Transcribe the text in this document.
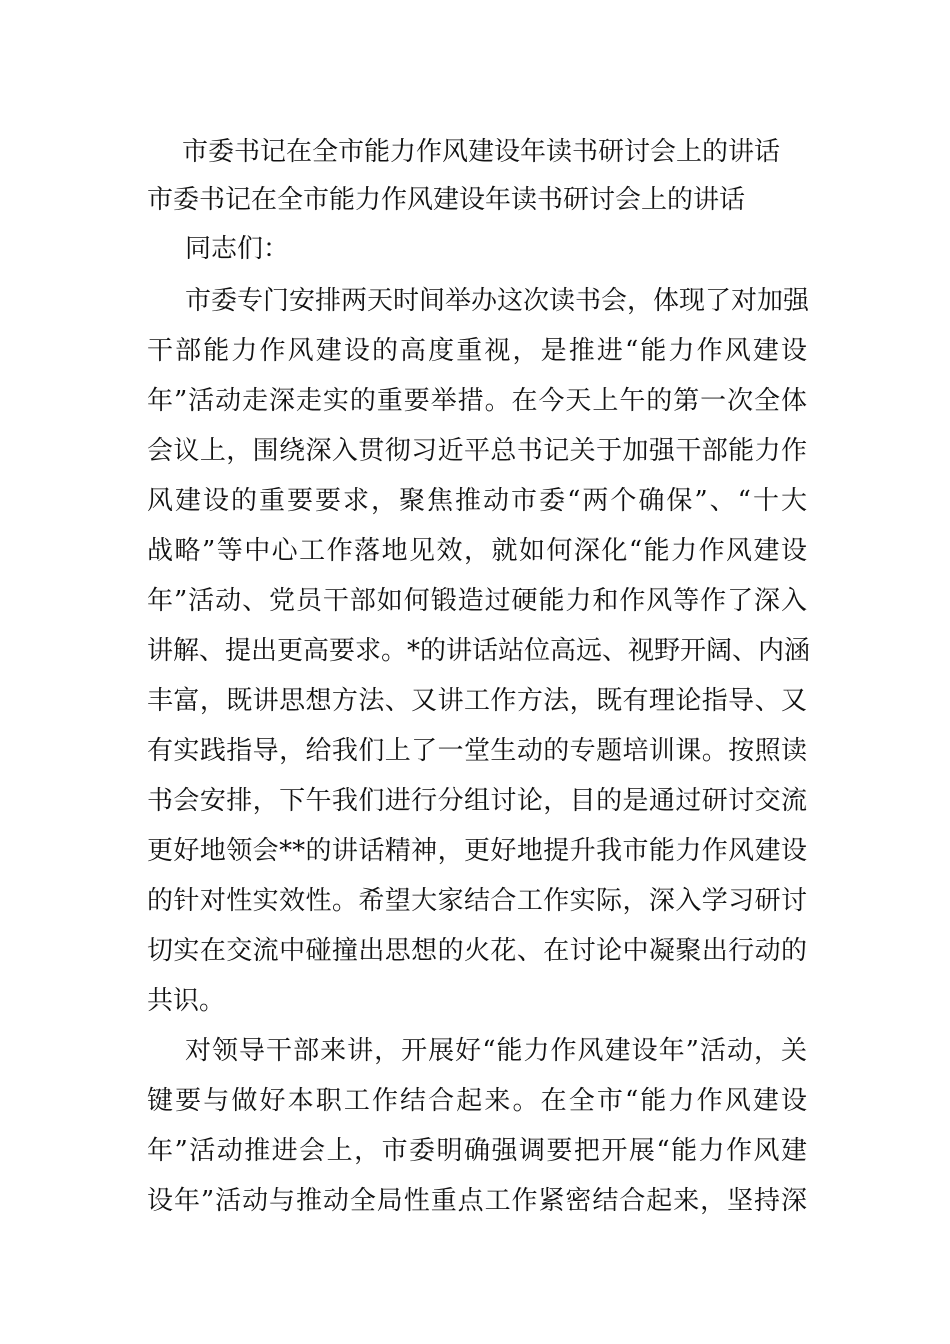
市委书记在全市能力作风建设年读书研讨会上的讲话
市委书记在全市能力作风建设年读书研讨会上的讲话
同志们：
市委专门安排两天时间举办这次读书会，体现了对加强
干部能力作风建设的高度重视，是推进“能力作风建设
年”活动走深走实的重要举措。在今天上午的第一次全体
会议上，围绕深入贯彻习近平总书记关于加强干部能力作
风建设的重要要求，聚焦推动市委“两个确保”、“十大
战略”等中心工作落地见效，就如何深化“能力作风建设
年”活动、党员干部如何锻造过硬能力和作风等作了深入
讲解、提出更高要求。*的讲话站位高远、视野开阔、内涵
丰富，既讲思想方法、又讲工作方法，既有理论指导、又
有实践指导，给我们上了一堂生动的专题培训课。按照读
书会安排，下午我们进行分组讨论，目的是通过研讨交流
更好地领会**的讲话精神，更好地提升我市能力作风建设
的针对性实效性。希望大家结合工作实际，深入学习研讨
切实在交流中碰撞出思想的火花、在讨论中凝聚出行动的
共识。
对领导干部来讲，开展好“能力作风建设年”活动，关
键要与做好本职工作结合起来。在全市“能力作风建设
年”活动推进会上，市委明确强调要把开展“能力作风建
设年”活动与推动全局性重点工作紧密结合起来，坚持深
